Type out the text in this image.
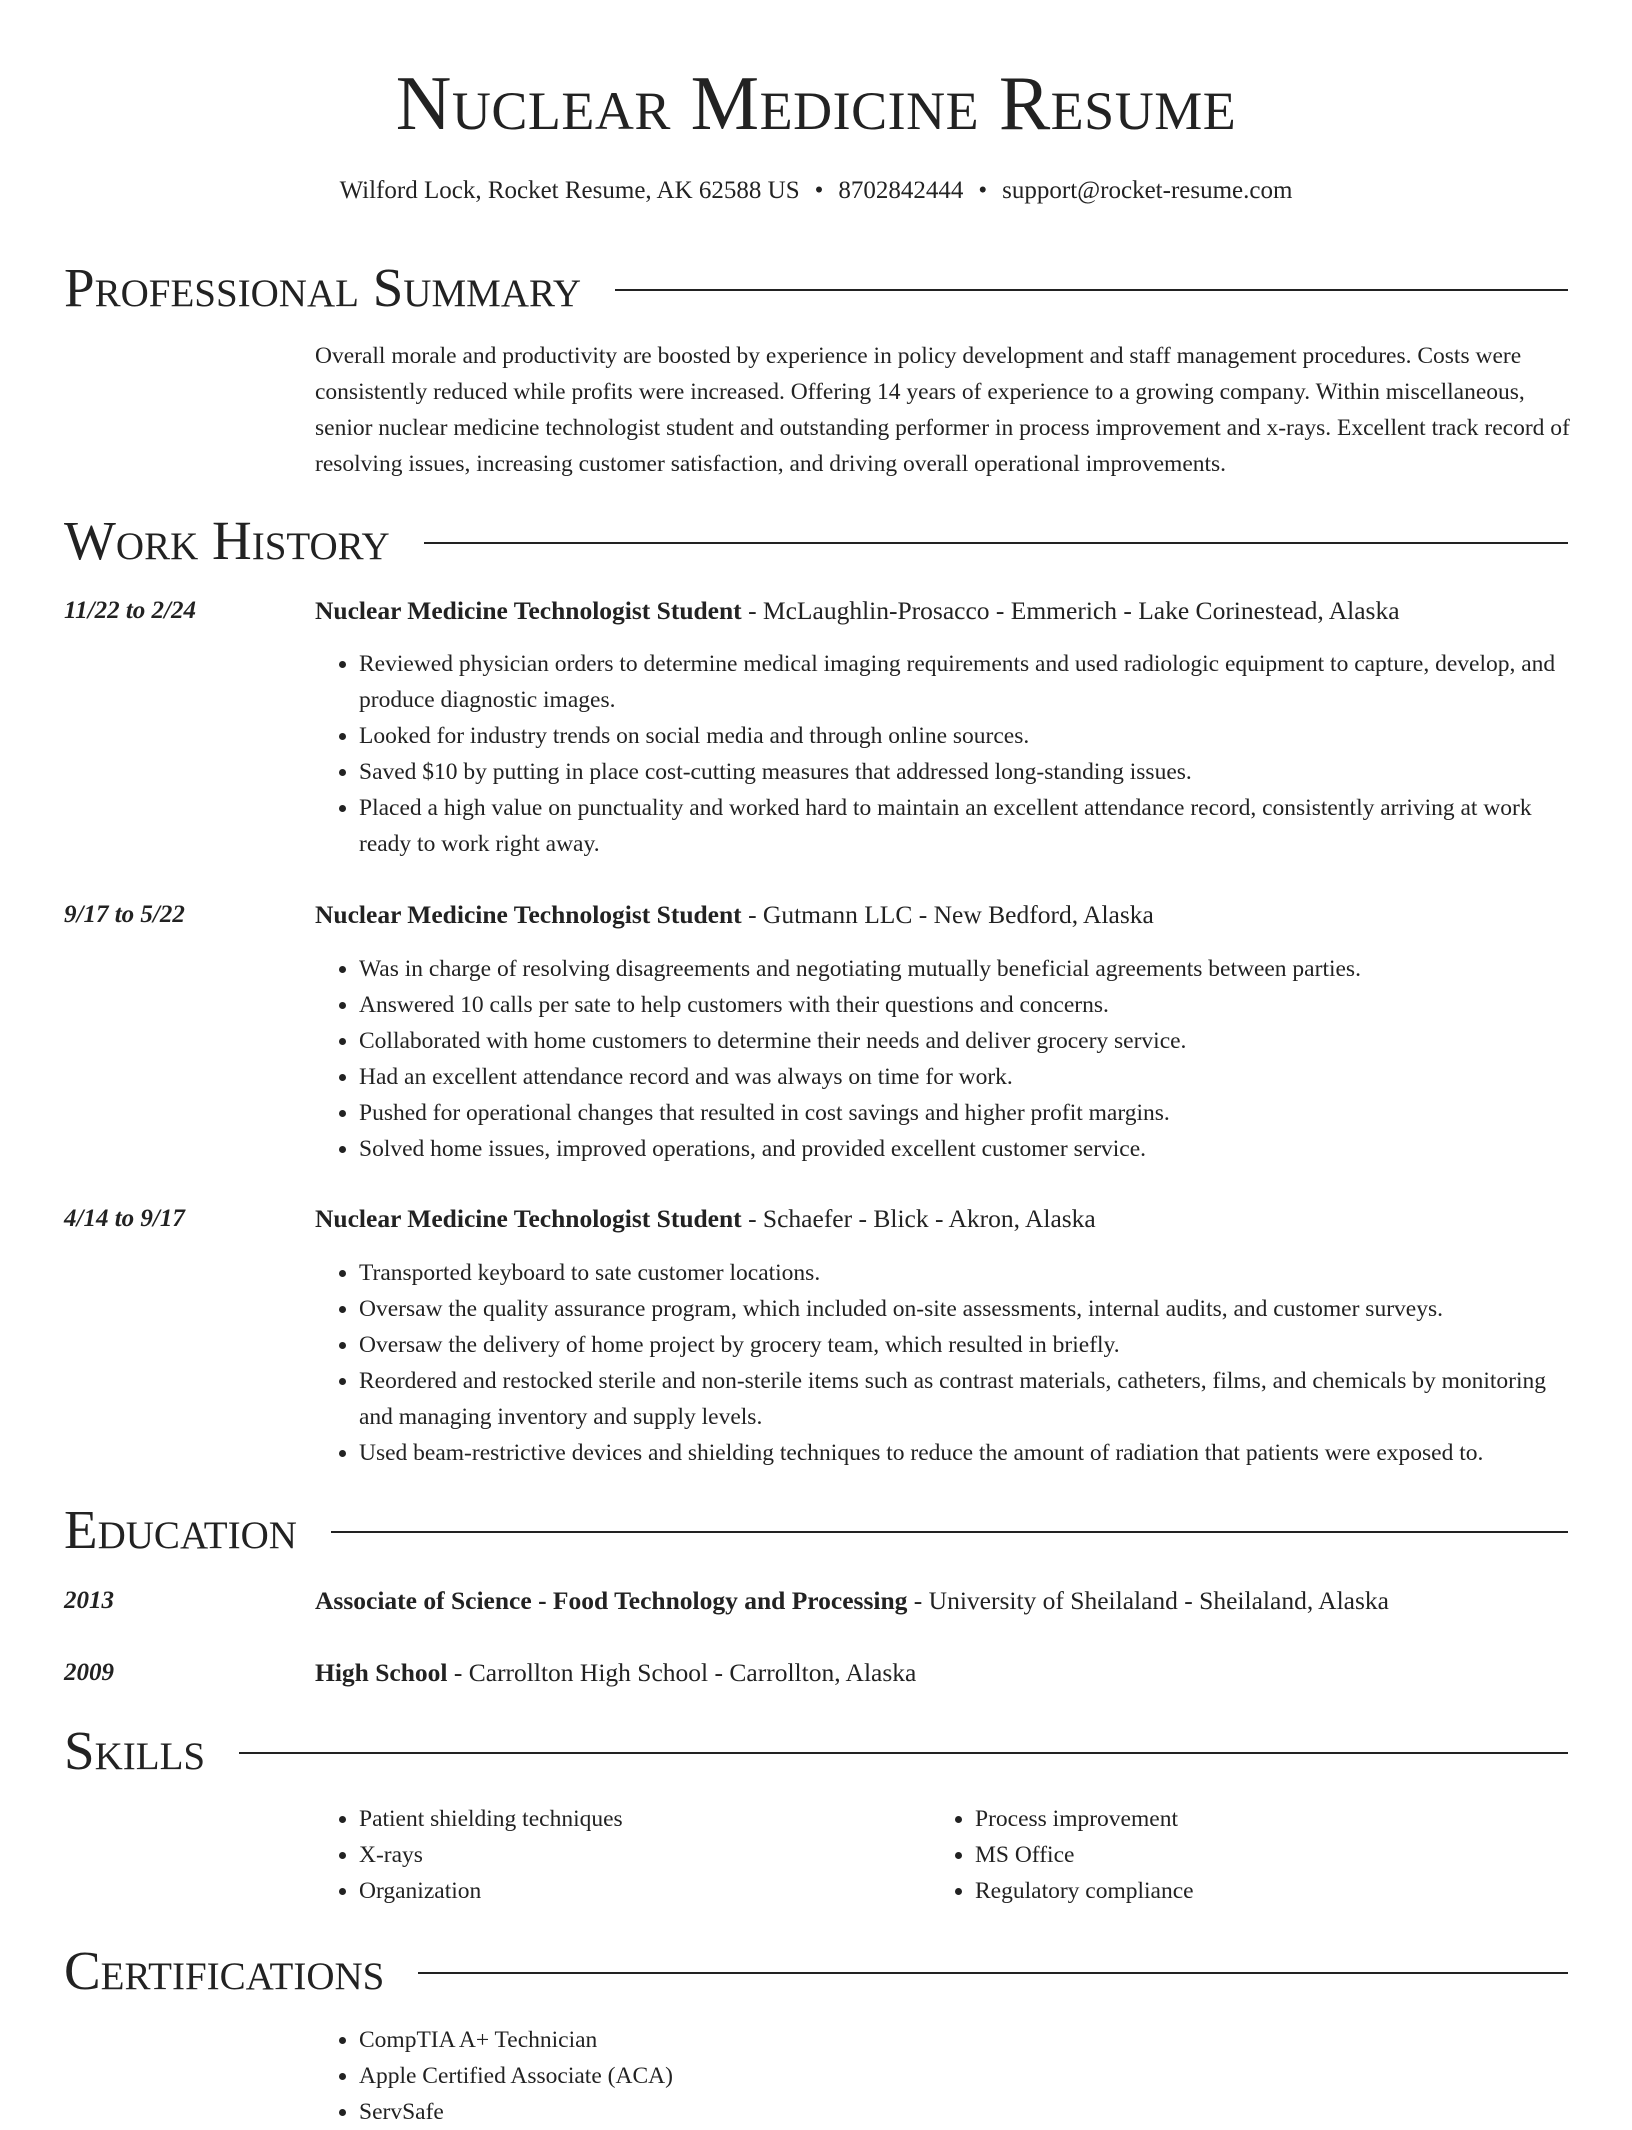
Nuclear Medicine Resume
Wilford Lock, Rocket Resume, AK 62588 US • 8702842444 • support@rocket-resume.com
Professional Summary
Overall morale and productivity are boosted by experience in policy development and staff management procedures. Costs were consistently reduced while profits were increased. Offering 14 years of experience to a growing company. Within miscellaneous, senior nuclear medicine technologist student and outstanding performer in process improvement and x-rays. Excellent track record of resolving issues, increasing customer satisfaction, and driving overall operational improvements.
Work History
11/22 to 2/24	Nuclear Medicine Technologist Student - McLaughlin-Prosacco - Emmerich - Lake Corinestead, Alaska
• Reviewed physician orders to determine medical imaging requirements and used radiologic equipment to capture, develop, and produce diagnostic images.
• Looked for industry trends on social media and through online sources.
• Saved $10 by putting in place cost-cutting measures that addressed long-standing issues.
• Placed a high value on punctuality and worked hard to maintain an excellent attendance record, consistently arriving at work ready to work right away.
9/17 to 5/22	Nuclear Medicine Technologist Student - Gutmann LLC - New Bedford, Alaska
• Was in charge of resolving disagreements and negotiating mutually beneficial agreements between parties.
• Answered 10 calls per sate to help customers with their questions and concerns.
• Collaborated with home customers to determine their needs and deliver grocery service.
• Had an excellent attendance record and was always on time for work.
• Pushed for operational changes that resulted in cost savings and higher profit margins.
• Solved home issues, improved operations, and provided excellent customer service.
4/14 to 9/17	Nuclear Medicine Technologist Student - Schaefer - Blick - Akron, Alaska
• Transported keyboard to sate customer locations.
• Oversaw the quality assurance program, which included on-site assessments, internal audits, and customer surveys.
• Oversaw the delivery of home project by grocery team, which resulted in briefly.
• Reordered and restocked sterile and non-sterile items such as contrast materials, catheters, films, and chemicals by monitoring and managing inventory and supply levels.
• Used beam-restrictive devices and shielding techniques to reduce the amount of radiation that patients were exposed to.
Education
2013	Associate of Science - Food Technology and Processing - University of Sheilaland - Sheilaland, Alaska
2009	High School - Carrollton High School - Carrollton, Alaska
Skills
• Patient shielding techniques
• X-rays
• Organization
• Process improvement
• MS Office
• Regulatory compliance
Certifications
• CompTIA A+ Technician
• Apple Certified Associate (ACA)
• ServSafe
